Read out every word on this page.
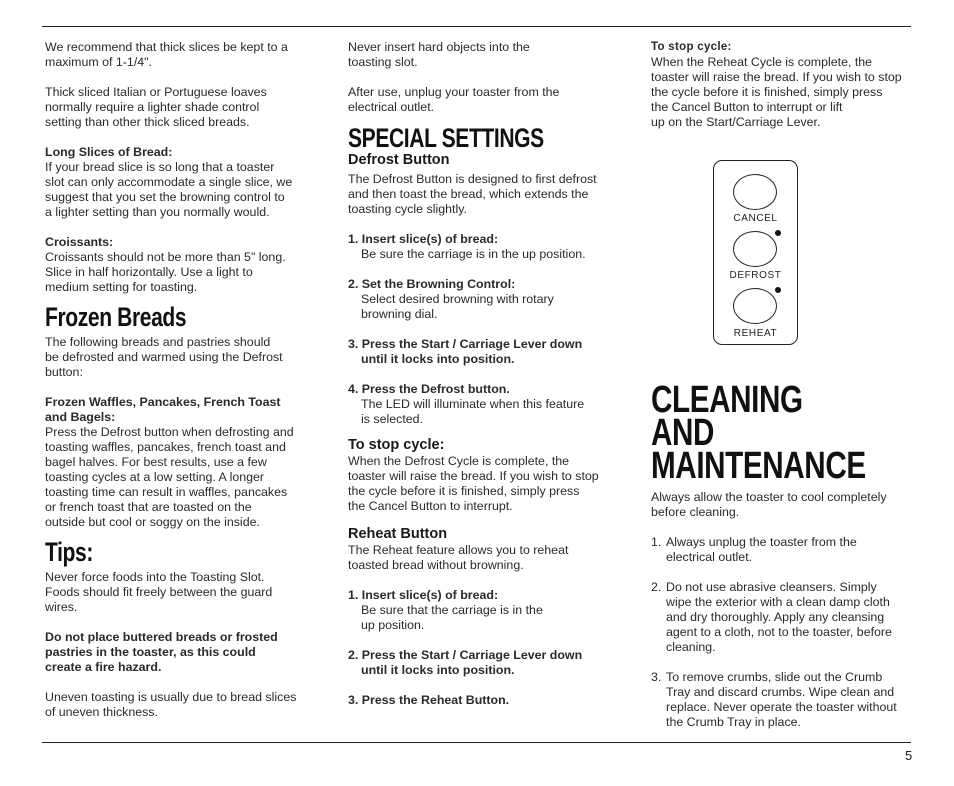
We recommend that thick slices be kept to a
maximum of 1-1/4".

Thick sliced Italian or Portuguese loaves
normally require a lighter shade control
setting than other thick sliced breads.

Long Slices of Bread:

If your bread slice is so long that a toaster
slot can only accommodate a single slice, we
suggest that you set the browning control to
a lighter setting than you normally would.

Croissants:

Croissants should not be more than 5" long.
Slice in half horizontally. Use a light to
medium setting for toasting.

Frozen Breads

The following breads and pastries should
be defrosted and warmed using the Defrost
button:

Frozen Waffles, Pancakes, French Toast
and Bagels:

Press the Defrost button when defrosting and
toasting waffles, pancakes, french toast and
bagel halves. For best results, use a few
toasting cycles at a low setting. A longer
toasting time can result in waffles, pancakes
or french toast that are toasted on the
outside but cool or soggy on the inside.

Tips:

Never force foods into the Toasting Slot.
Foods should fit freely between the guard
wires.

Do not place buttered breads or frosted
pastries in the toaster, as this could
create a fire hazard.

Uneven toasting is usually due to bread slices
of uneven thickness.

Never insert hard objects into the
toasting slot.

After use, unplug your toaster from the
electrical outlet.

SPECIAL SETTINGS

Defrost Button

The Defrost Button is designed to first defrost
and then toast the bread, which extends the
toasting cycle slightly.

1. Insert slice(s) of bread:

Be sure the carriage is in the up position.

2. Set the Browning Control:

Select desired browning with rotary
browning dial.

3. Press the Start / Carriage Lever down

until it locks into position.

4. Press the Defrost button.

The LED will illuminate when this feature
is selected.

To stop cycle:

When the Defrost Cycle is complete, the
toaster will raise the bread. If you wish to stop
the cycle before it is finished, simply press
the Cancel Button to interrupt.

Reheat Button

The Reheat feature allows you to reheat
toasted bread without browning.

1. Insert slice(s) of bread:

Be sure that the carriage is in the
up position.

2. Press the Start / Carriage Lever down

until it locks into position.

3. Press the Reheat Button.

To stop cycle:

When the Reheat Cycle is complete, the
toaster will raise the bread. If you wish to stop
the cycle before it is finished, simply press
the Cancel Button to interrupt or lift
up on the Start/Carriage Lever.

CANCEL
DEFROST
REHEAT

CLEANING AND

MAINTENANCE

Always allow the toaster to cool completely
before cleaning.

1. Always unplug the toaster from the
electrical outlet.
2. Do not use abrasive cleansers. Simply
wipe the exterior with a clean damp cloth
and dry thoroughly. Apply any cleansing
agent to a cloth, not to the toaster, before
cleaning.
3. To remove crumbs, slide out the Crumb
Tray and discard crumbs. Wipe clean and
replace. Never operate the toaster without
the Crumb Tray in place.
5
